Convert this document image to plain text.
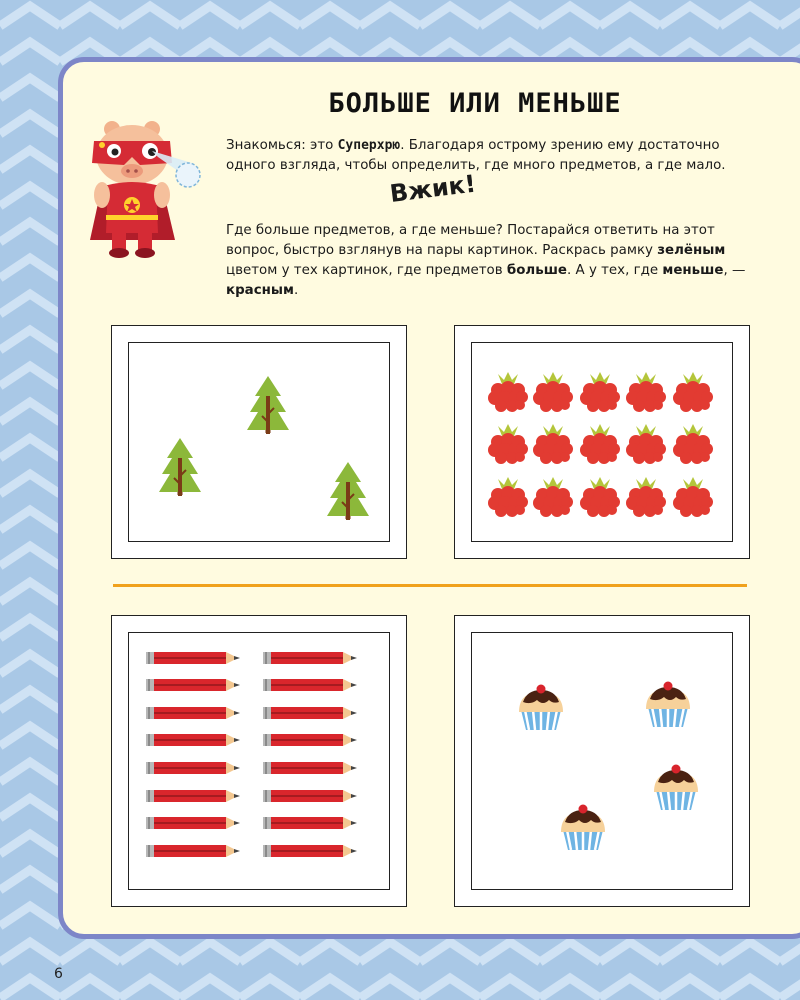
БОЛЬШЕ ИЛИ МЕНЬШЕ
Знакомься: это Суперхрю. Благодаря острому зрению ему достаточно одного взгляда, чтобы определить, где много предметов, а где мало.
Вжик!
Где больше предметов, а где меньше? Постарайся ответить на этот вопрос, быстро взглянув на пары картинок. Раскрась рамку зелёным цветом у тех картинок, где предметов больше. А у тех, где меньше, — красным.
6
